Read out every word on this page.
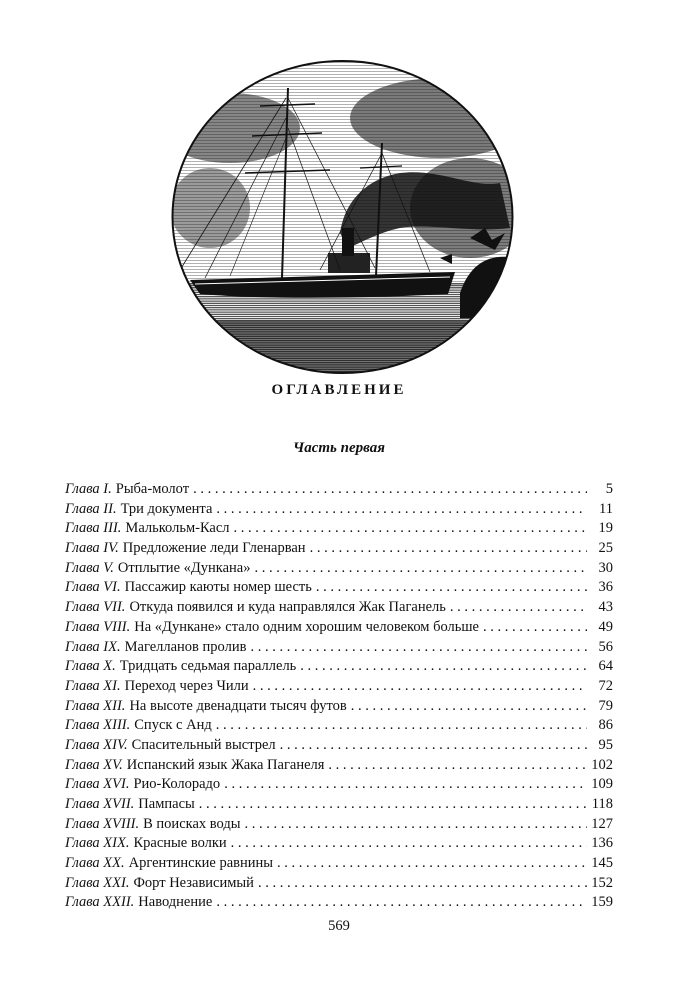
ОГЛАВЛЕНИЕ
Часть первая
Глава I. Рыба-молот . . .	5
Глава II. Три документа . . .	11
Глава III. Малькольм-Касл . . .	19
Глава IV. Предложение леди Гленарван . . .	25
Глава V. Отплытие «Дункана» . . .	30
Глава VI. Пассажир каюты номер шесть . . .	36
Глава VII. Откуда появился и куда направлялся Жак Паганель . . .	43
Глава VIII. На «Дункане» стало одним хорошим человеком больше . . .	49
Глава IX. Магелланов пролив . . .	56
Глава X. Тридцать седьмая параллель . . .	64
Глава XI. Переход через Чили . . .	72
Глава XII. На высоте двенадцати тысяч футов . . .	79
Глава XIII. Спуск с Анд . . .	86
Глава XIV. Спасительный выстрел . . .	95
Глава XV. Испанский язык Жака Паганеля . . .	102
Глава XVI. Рио-Колорадо . . .	109
Глава XVII. Пампасы . . .	118
Глава XVIII. В поисках воды . . .	127
Глава XIX. Красные волки . . .	136
Глава XX. Аргентинские равнины . . .	145
Глава XXI. Форт Независимый . . .	152
Глава XXII. Наводнение . . .	159
569
